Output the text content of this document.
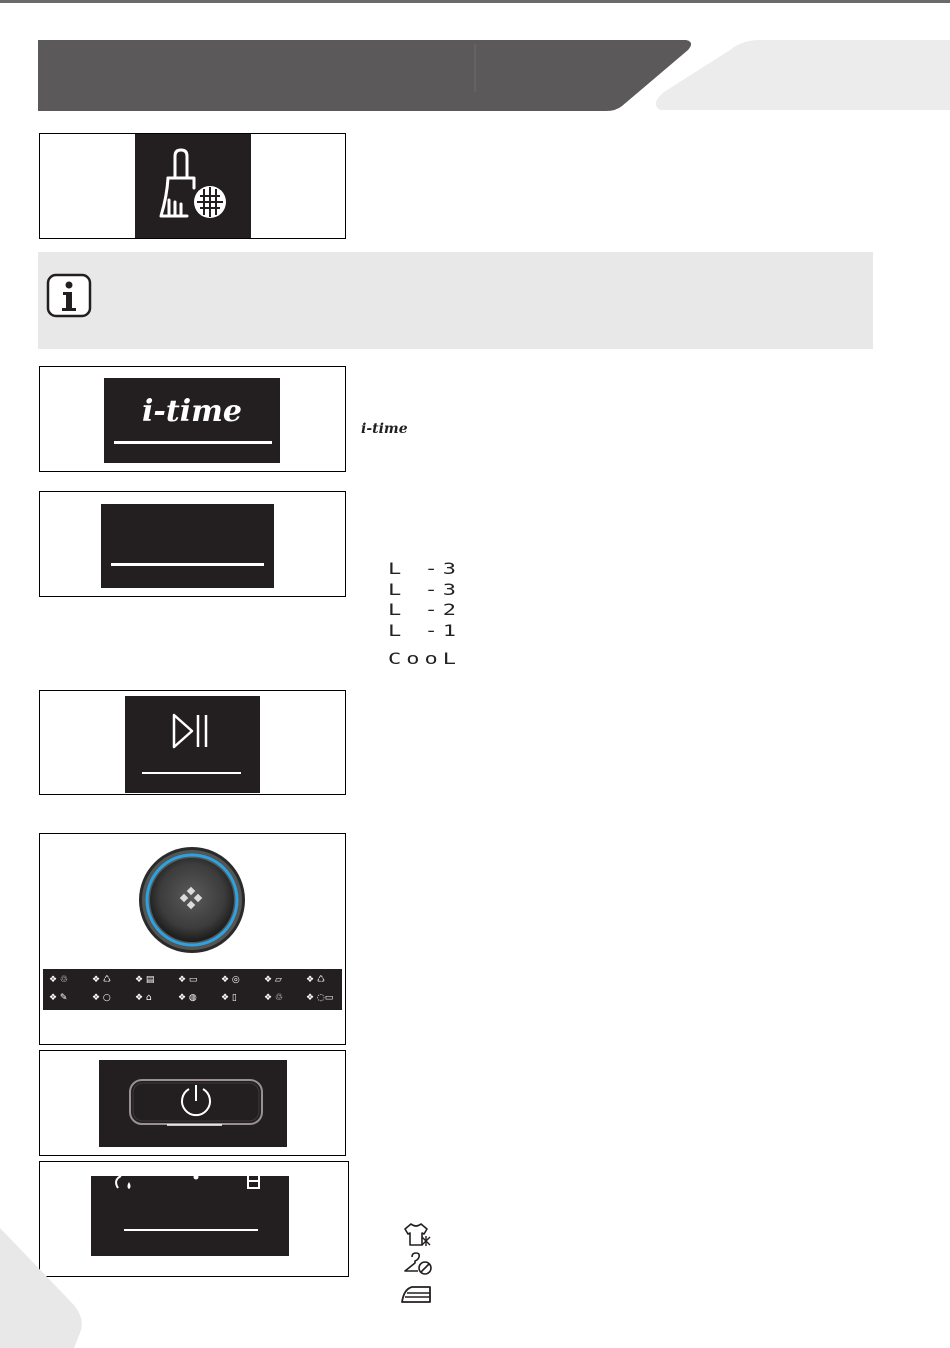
i-time	i-time
L -3
L -3
L -2
L -1
CooL
❖ ♲	❖ ♺	❖ ▤	❖ ▭	❖ ◎	❖ ▱	❖ ♺
❖ ✎	❖ ○	❖ ⌂	❖ ◍	❖ ▯	❖ ♲	❖ ◌▭
